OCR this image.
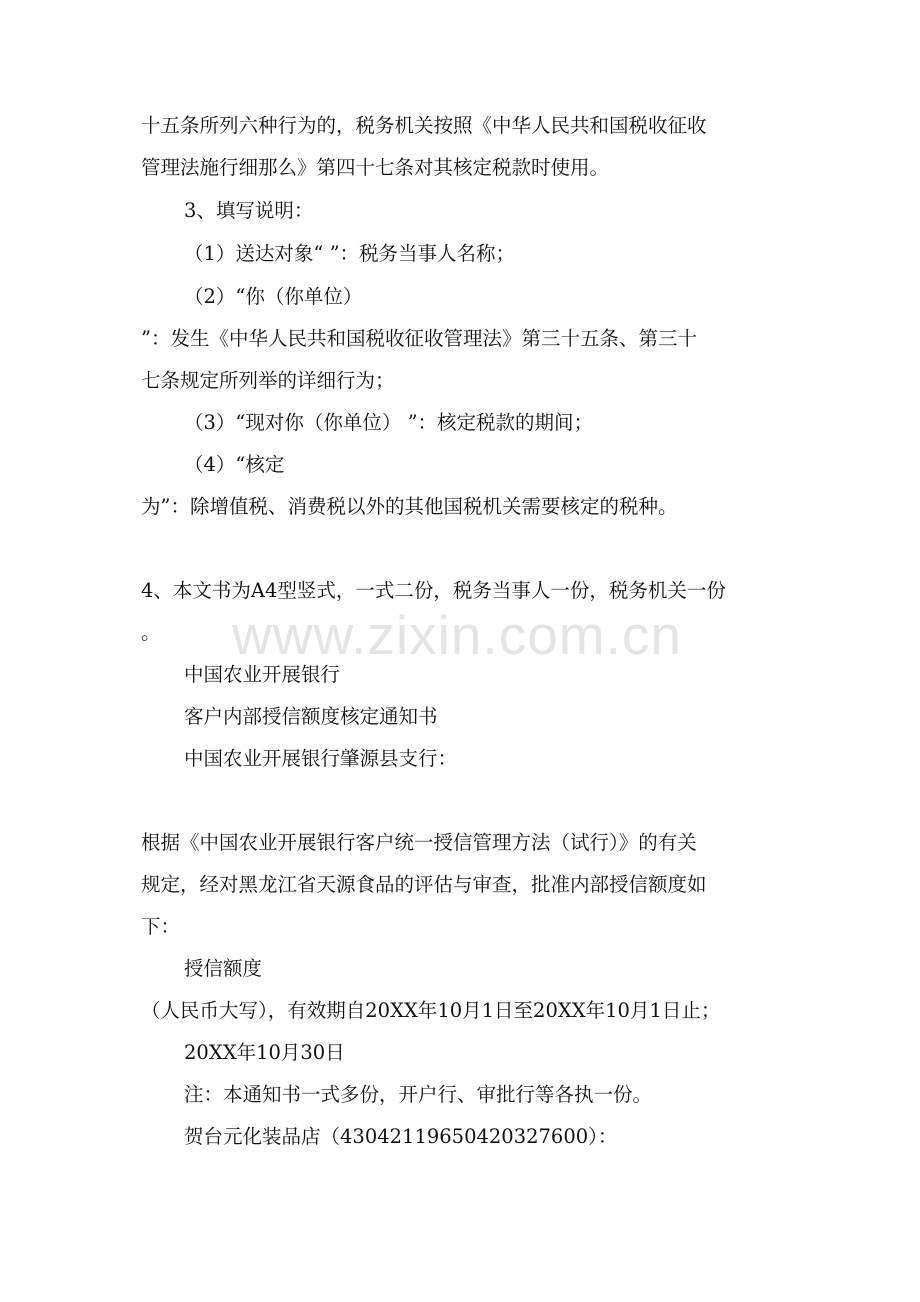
十五条所列六种行为的，税务机关按照《中华人民共和国税收征收
管理法施行细那么》第四十七条对其核定税款时使用。
3、填写说明：
（1）送达对象“ ”：税务当事人名称；
（2）“你（你单位）
”：发生《中华人民共和国税收征收管理法》第三十五条、第三十
七条规定所列举的详细行为；
（3）“现对你（你单位） ”：核定税款的期间；
（4）“核定
为”：除增值税、消费税以外的其他国税机关需要核定的税种。
4、本文书为A4型竖式，一式二份，税务当事人一份，税务机关一份
。
中国农业开展银行
客户内部授信额度核定通知书
中国农业开展银行肇源县支行：
根据《中国农业开展银行客户统一授信管理方法（试行）》的有关
规定，经对黑龙江省天源食品的评估与审查，批准内部授信额度如
下：
授信额度
（人民币大写），有效期自20XX年10月1日至20XX年10月1日止；
20XX年10月30日
注：本通知书一式多份，开户行、审批行等各执一份。
贺台元化装品店（430421196504203276​00）：
www.zixin.com.cn
